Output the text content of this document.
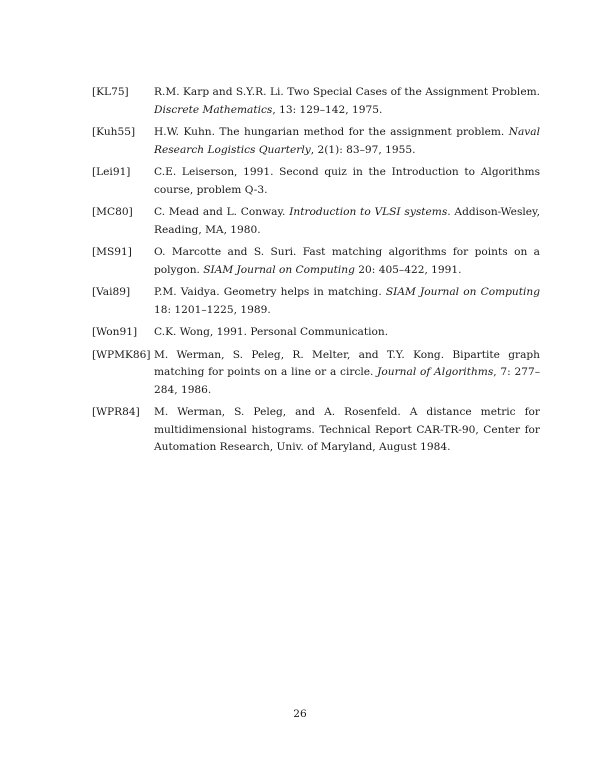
[KL75]	R.M. Karp and S.Y.R. Li. Two Special Cases of the Assignment Problem. Discrete Mathematics, 13: 129–142, 1975.
[Kuh55]	H.W. Kuhn. The hungarian method for the assignment problem. Naval Research Logistics Quarterly, 2(1): 83–97, 1955.
[Lei91]	C.E. Leiserson, 1991. Second quiz in the Introduction to Algorithms course, problem Q-3.
[MC80]	C. Mead and L. Conway. Introduction to VLSI systems. Addison-Wesley, Reading, MA, 1980.
[MS91]	O. Marcotte and S. Suri. Fast matching algorithms for points on a polygon. SIAM Journal on Computing 20: 405–422, 1991.
[Vai89]	P.M. Vaidya. Geometry helps in matching. SIAM Journal on Computing 18: 1201–1225, 1989.
[Won91]	C.K. Wong, 1991. Personal Communication.
[WPMK86] M. Werman, S. Peleg, R. Melter, and T.Y. Kong. Bipartite graph matching for points on a line or a circle. Journal of Algorithms, 7: 277–284, 1986.
[WPR84]	M. Werman, S. Peleg, and A. Rosenfeld. A distance metric for multidimensional histograms. Technical Report CAR-TR-90, Center for Automation Research, Univ. of Maryland, August 1984.
26
